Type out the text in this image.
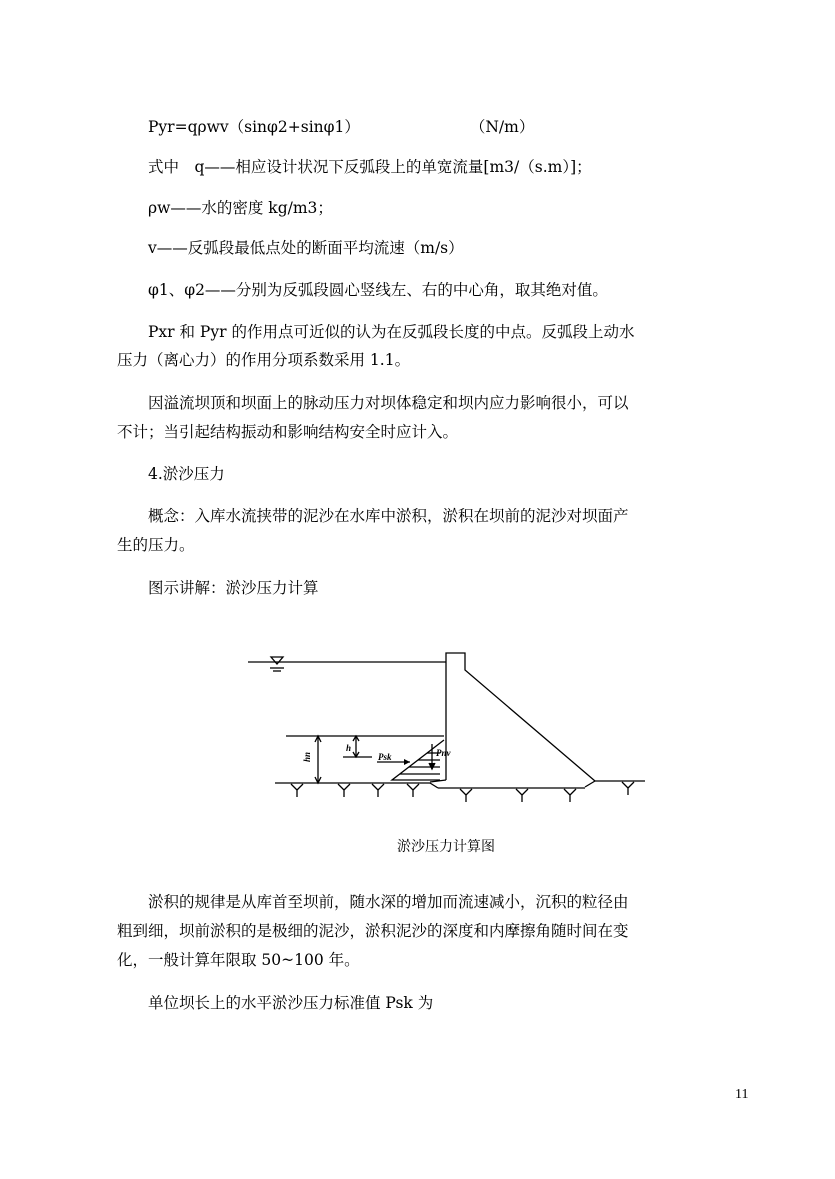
Pyr=qρwv（sinφ2+sinφ1）	（N/m）
式中　q——相应设计状况下反弧段上的单宽流量[m3/（s.m）]；
ρw——水的密度 kg/m3；
v——反弧段最低点处的断面平均流速（m/s）
φ1、φ2——分别为反弧段圆心竖线左、右的中心角，取其绝对值。
Pxr 和 Pyr 的作用点可近似的认为在反弧段长度的中点。反弧段上动水
压力（离心力）的作用分项系数采用 1.1。
因溢流坝顶和坝面上的脉动压力对坝体稳定和坝内应力影响很小，可以
不计；当引起结构振动和影响结构安全时应计入。
4.淤沙压力
概念：入库水流挟带的泥沙在水库中淤积，淤积在坝前的泥沙对坝面产
生的压力。
图示讲解：淤沙压力计算
hn
h
Psk	Pnv
淤沙压力计算图
淤积的规律是从库首至坝前，随水深的增加而流速减小，沉积的粒径由
粗到细，坝前淤积的是极细的泥沙，淤积泥沙的深度和内摩擦角随时间在变
化，一般计算年限取 50~100 年。
单位坝长上的水平淤沙压力标准值 Psk 为
11
